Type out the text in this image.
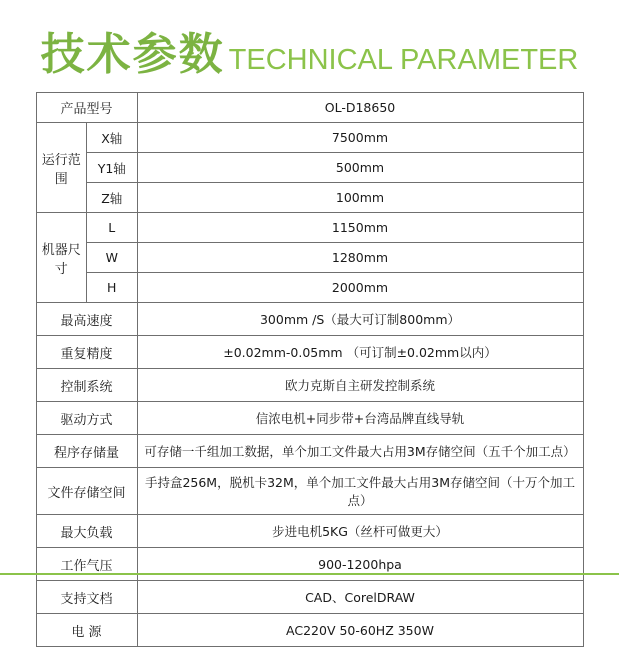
技术参数 TECHNICAL PARAMETER
产品型号		OL-D18650
运行范围	X轴	7500mm
	Y1轴	500mm
	Z轴	100mm
机器尺寸	L	1150mm
	W	1280mm
	H	2000mm
最高速度		300mm /S（最大可订制800mm）
重复精度		±0.02mm-0.05mm （可订制±0.02mm以内）
控制系统		欧力克斯自主研发控制系统
驱动方式		信浓电机+同步带+台湾品牌直线导轨
程序存储量		可存储一千组加工数据，单个加工文件最大占用3M存储空间（五千个加工点）
文件存储空间		手持盒256M，脱机卡32M，单个加工文件最大占用3M存储空间（十万个加工点）
最大负载		步进电机5KG（丝杆可做更大）
工作气压		900-1200hpa
支持文档		CAD、CorelDRAW
电 源		AC220V 50-60HZ 350W
